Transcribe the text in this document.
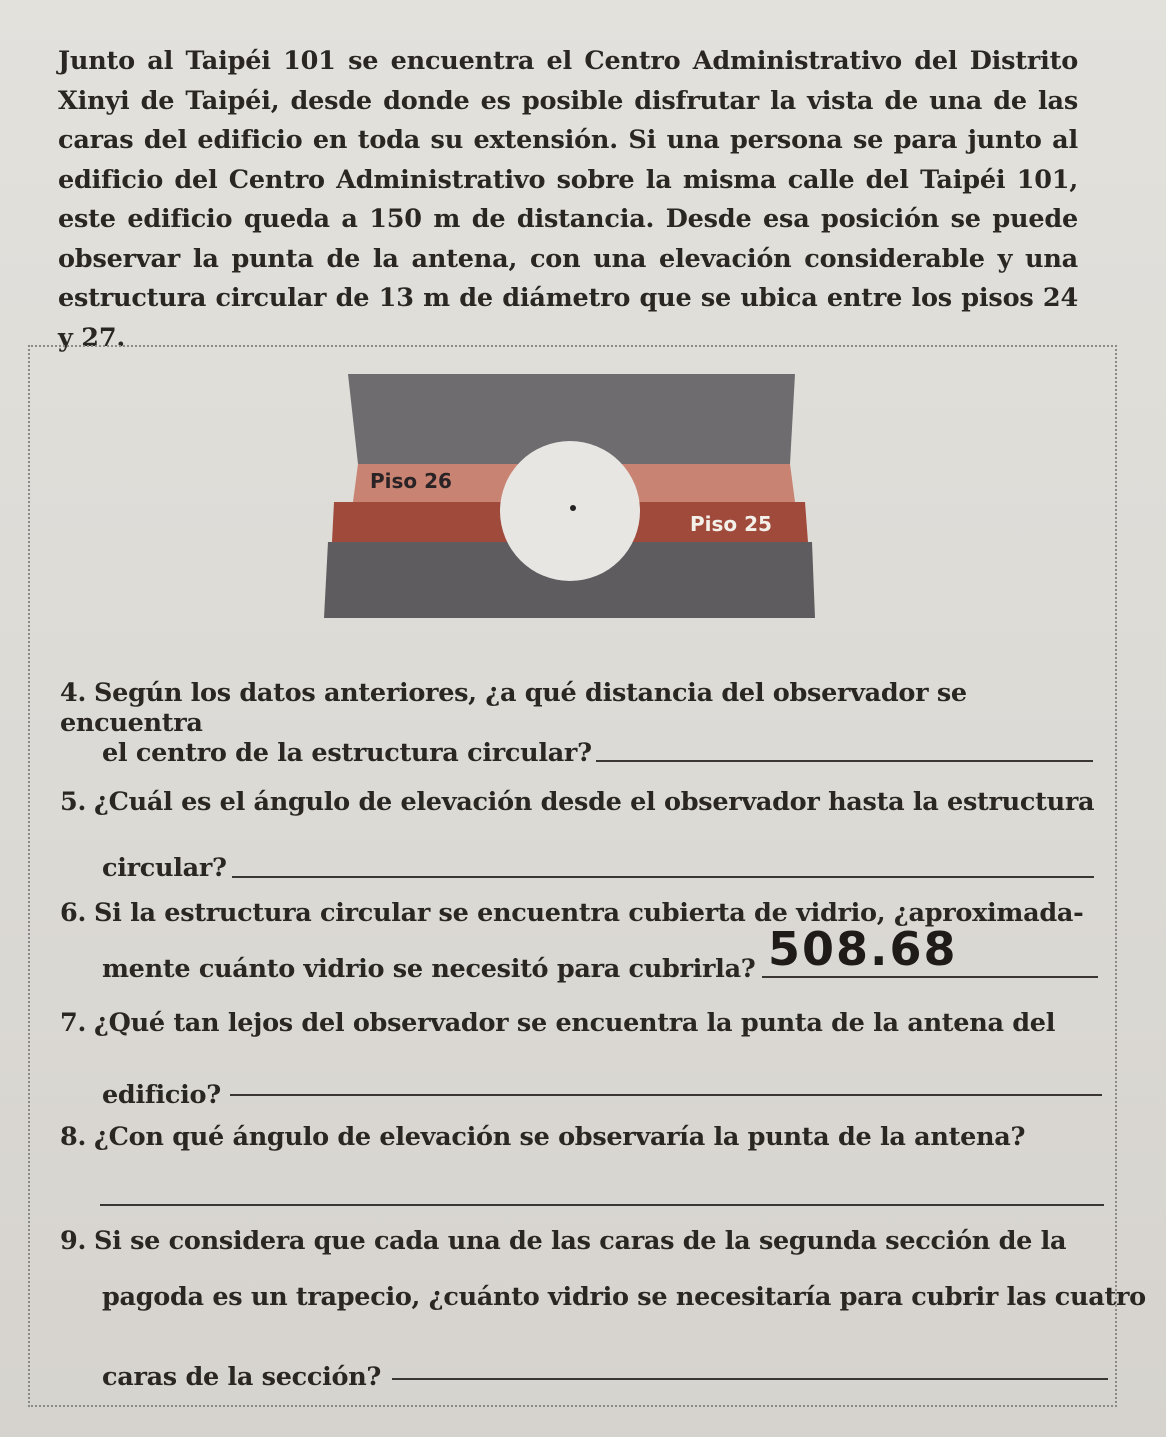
Junto al Taipéi 101 se encuentra el Centro Administrativo del Distrito Xinyi de Taipéi, desde donde es posible disfrutar la vista de una de las caras del edificio en toda su extensión. Si una persona se para junto al edificio del Centro Administrativo sobre la misma calle del Taipéi 101, este edificio queda a 150 m de distancia. Desde esa posición se puede observar la punta de la antena, con una elevación considerable y una estructura circular de 13 m de diámetro que se ubica entre los pisos 24 y 27.

Piso 26
Piso 25
4. Según los datos anteriores, ¿a qué distancia del observador se encuentra
el centro de la estructura circular?
5. ¿Cuál es el ángulo de elevación desde el observador hasta la estructura
circular?
6. Si la estructura circular se encuentra cubierta de vidrio, ¿aproximada-
mente cuánto vidrio se necesitó para cubrirla? 508.68
7. ¿Qué tan lejos del observador se encuentra la punta de la antena del
edificio?
8. ¿Con qué ángulo de elevación se observaría la punta de la antena?
9. Si se considera que cada una de las caras de la segunda sección de la
pagoda es un trapecio, ¿cuánto vidrio se necesitaría para cubrir las cuatro
caras de la sección?
